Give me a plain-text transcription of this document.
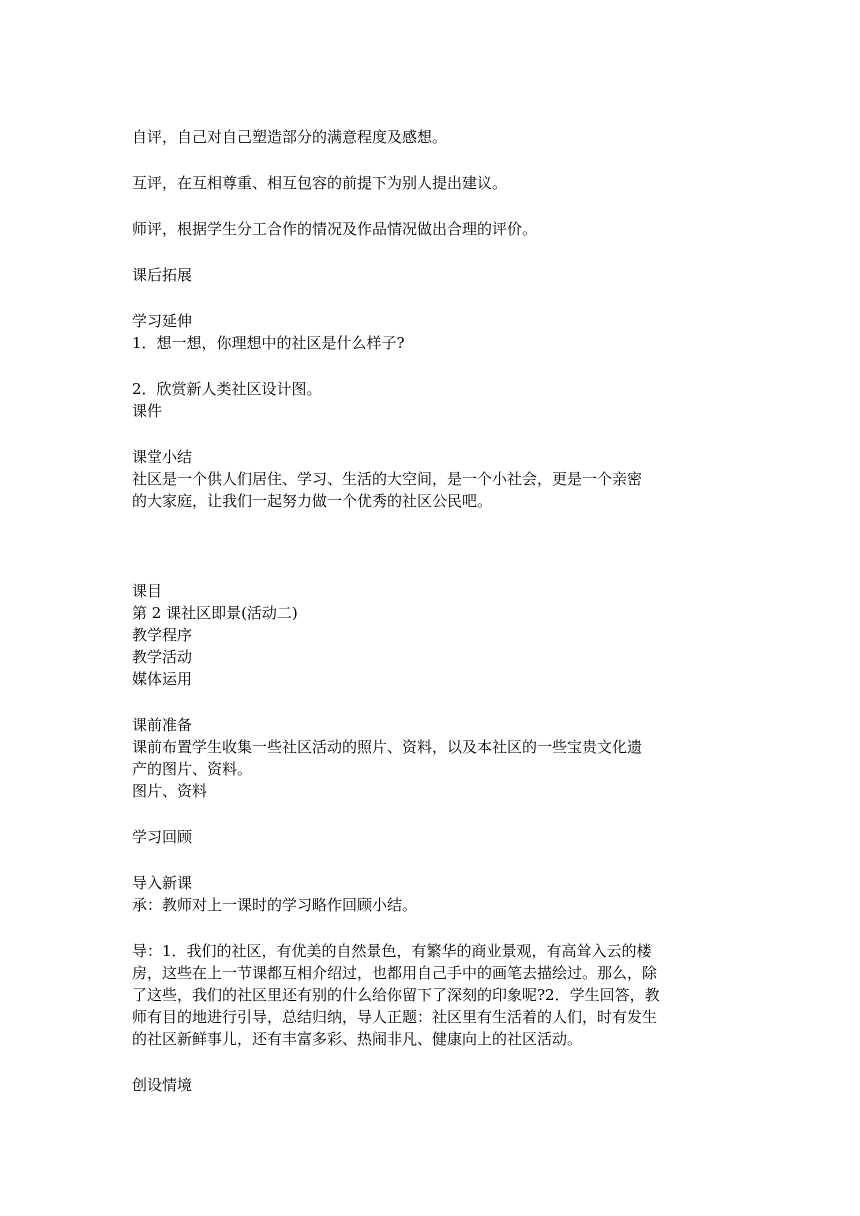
自评，自己对自己塑造部分的满意程度及感想。

互评，在互相尊重、相互包容的前提下为别人提出建议。

师评，根据学生分工合作的情况及作品情况做出合理的评价。

课后拓展

学习延伸

1．想一想，你理想中的社区是什么样子?

2．欣赏新人类社区设计图。

课件

课堂小结

社区是一个供人们居住、学习、生活的大空间，是一个小社会，更是一个亲密

的大家庭，让我们一起努力做一个优秀的社区公民吧。

课目

第 2 课社区即景(活动二)

教学程序

教学活动

媒体运用

课前准备

课前布置学生收集一些社区活动的照片、资料，以及本社区的一些宝贵文化遗

产的图片、资料。

图片、资料

学习回顾

导入新课

承：教师对上一课时的学习略作回顾小结。

导：1．我们的社区，有优美的自然景色，有繁华的商业景观，有高耸入云的楼

房，这些在上一节课都互相介绍过，也都用自己手中的画笔去描绘过。那么，除

了这些，我们的社区里还有别的什么给你留下了深刻的印象呢?2．学生回答，教

师有目的地进行引导，总结归纳，导人正题：社区里有生活着的人们，时有发生

的社区新鲜事儿，还有丰富多彩、热闹非凡、健康向上的社区活动。

创设情境
